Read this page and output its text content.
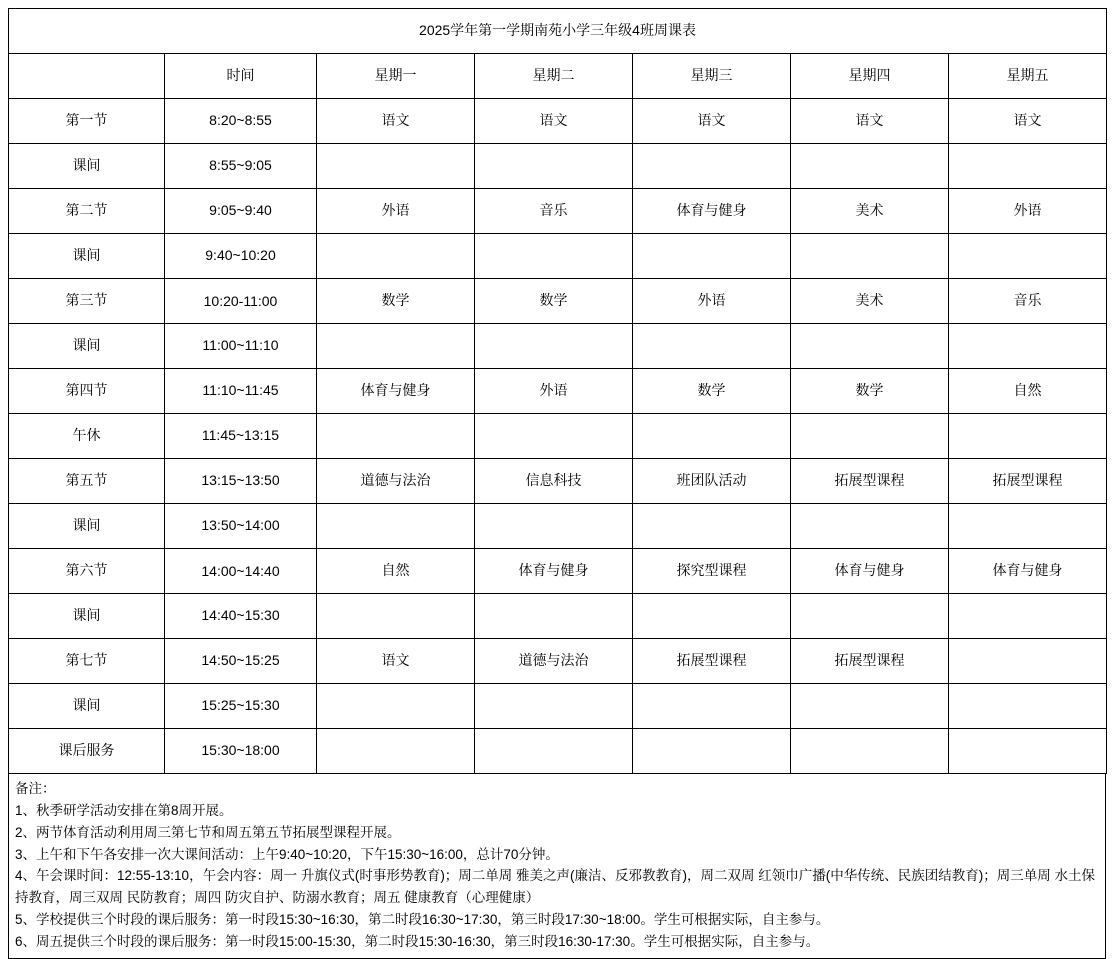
2025学年第一学期南苑小学三年级4班周课表						
	时间	星期一	星期二	星期三	星期四	星期五
第一节	8:20~8:55	语文	语文	语文	语文	语文
课间	8:55~9:05					
第二节	9:05~9:40	外语	音乐	体育与健身	美术	外语
课间	9:40~10:20					
第三节	10:20-11:00	数学	数学	外语	美术	音乐
课间	11:00~11:10					
第四节	11:10~11:45	体育与健身	外语	数学	数学	自然
午休	11:45~13:15					
第五节	13:15~13:50	道德与法治	信息科技	班团队活动	拓展型课程	拓展型课程
课间	13:50~14:00					
第六节	14:00~14:40	自然	体育与健身	探究型课程	体育与健身	体育与健身
课间	14:40~15:30					
第七节	14:50~15:25	语文	道德与法治	拓展型课程	拓展型课程	
课间	15:25~15:30					
课后服务	15:30~18:00					
备注：
1、秋季研学活动安排在第8周开展。
2、两节体育活动利用周三第七节和周五第五节拓展型课程开展。
3、上午和下午各安排一次大课间活动：上午9:40~10:20，下午15:30~16:00，总计70分钟。
4、午会课时间：12:55-13:10，午会内容：周一 升旗仪式(时事形势教育)；周二单周 雅美之声(廉洁、反邪教教育)，周二双周 红领巾广播(中华传统、民族团结教育)；周三单周 水土保持教育，周三双周 民防教育；周四 防灾自护、防溺水教育；周五 健康教育（心理健康）
5、学校提供三个时段的课后服务：第一时段15:30~16:30，第二时段16:30~17:30，第三时段17:30~18:00。学生可根据实际，自主参与。
6、周五提供三个时段的课后服务：第一时段15:00-15:30，第二时段15:30-16:30，第三时段16:30-17:30。学生可根据实际，自主参与。
